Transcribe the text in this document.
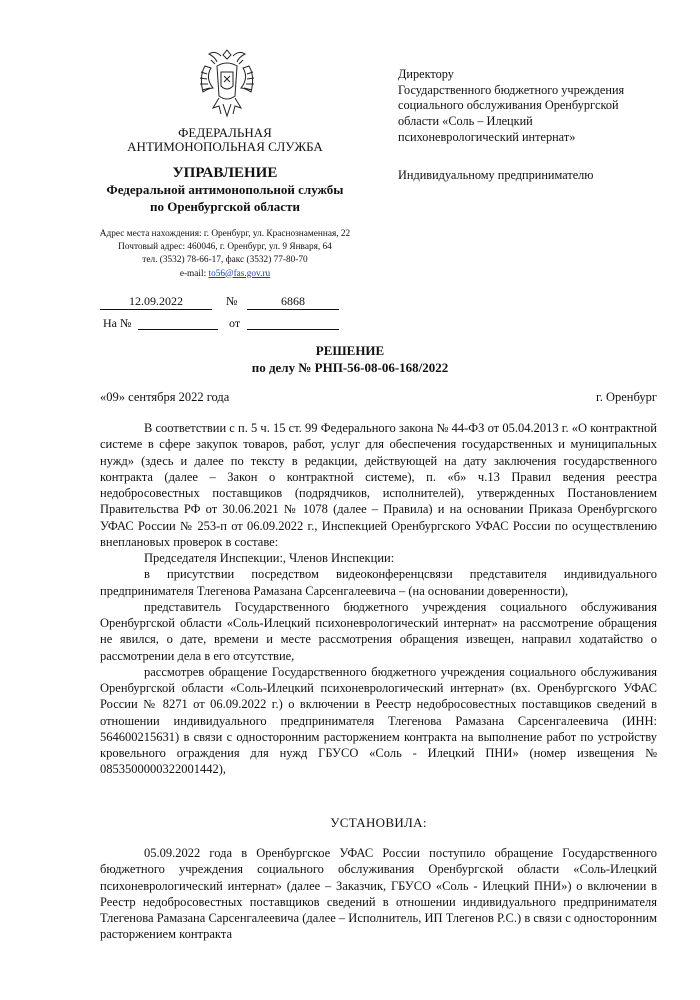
ФЕДЕРАЛЬНАЯ
АНТИМОНОПОЛЬНАЯ СЛУЖБА
УПРАВЛЕНИЕ
Федеральной антимонопольной службы
по Оренбургской области
Адрес места нахождения: г. Оренбург, ул. Краснознаменная, 22
Почтовый адрес: 460046, г. Оренбург, ул. 9 Января, 64
тел. (3532) 78-66-17, факс (3532) 77-80-70
e-mail: to56@fas.gov.ru
12.09.2022	№	6868
На №	от
Директору
Государственного бюджетного учреждения
социального обслуживания Оренбургской
области «Соль – Илецкий
психоневрологический интернат»
Индивидуальному предпринимателю
РЕШЕНИЕ
по делу № РНП-56-08-06-168/2022
«09» сентября 2022 года	г. Оренбург

В соответствии с п. 5 ч. 15 ст. 99 Федерального закона № 44-ФЗ от 05.04.2013 г. «О контрактной системе в сфере закупок товаров, работ, услуг для обеспечения государственных и муниципальных нужд» (здесь и далее по тексту в редакции, действующей на дату заключения государственного контракта (далее – Закон о контрактной системе), п. «б» ч.13 Правил ведения реестра недобросовестных поставщиков (подрядчиков, исполнителей), утвержденных Постановлением Правительства РФ от 30.06.2021 № 1078 (далее – Правила) и на основании Приказа Оренбургского УФАС России № 253-п от 06.09.2022 г., Инспекцией Оренбургского УФАС России по осуществлению внеплановых проверок в составе:

Председателя Инспекции:, Членов Инспекции:

в присутствии посредством видеоконференцсвязи представителя индивидуального предпринимателя Тлегенова Рамазана Сарсенгалеевича – (на основании доверенности),

представитель Государственного бюджетного учреждения социального обслуживания Оренбургской области «Соль-Илецкий психоневрологический интернат» на рассмотрение обращения не явился, о дате, времени и месте рассмотрения обращения извещен, направил ходатайство о рассмотрении дела в его отсутствие,

рассмотрев обращение Государственного бюджетного учреждения социального обслуживания Оренбургской области «Соль-Илецкий психоневрологический интернат» (вх. Оренбургского УФАС России № 8271 от 06.09.2022 г.) о включении в Реестр недобросовестных поставщиков сведений в отношении индивидуального предпринимателя Тлегенова Рамазана Сарсенгалеевича (ИНН: 564600215631) в связи с односторонним расторжением контракта на выполнение работ по устройству кровельного ограждения для нужд ГБУСО «Соль - Илецкий ПНИ» (номер извещения № 0853500000322001442),

УСТАНОВИЛА:

05.09.2022 года в Оренбургское УФАС России поступило обращение Государственного бюджетного учреждения социального обслуживания Оренбургской области «Соль-Илецкий психоневрологический интернат» (далее – Заказчик, ГБУСО «Соль - Илецкий ПНИ») о включении в Реестр недобросовестных поставщиков сведений в отношении индивидуального предпринимателя Тлегенова Рамазана Сарсенгалеевича (далее – Исполнитель, ИП Тлегенов Р.С.) в связи с односторонним расторжением контракта
